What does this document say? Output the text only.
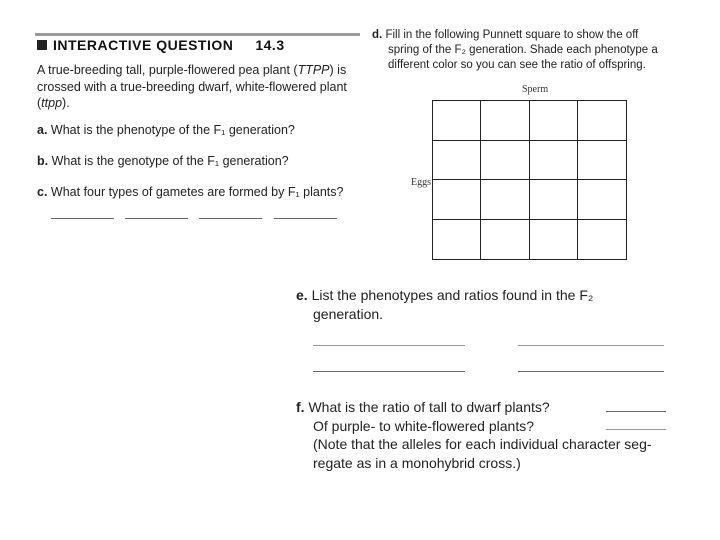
INTERACTIVE QUESTION 14.3
A true-breeding tall, purple-flowered pea plant (TTPP) is
crossed with a true-breeding dwarf, white-flowered plant
(ttpp).
a. What is the phenotype of the F₁ generation?
b. What is the genotype of the F₁ generation?
c. What four types of gametes are formed by F₁ plants?
d. Fill in the following Punnett square to show the off
spring of the F₂ generation. Shade each phenotype a
different color so you can see the ratio of offspring.
Sperm
Eggs
e. List the phenotypes and ratios found in the F₂
generation.
f. What is the ratio of tall to dwarf plants?
Of purple- to white-flowered plants?
(Note that the alleles for each individual character seg-
regate as in a monohybrid cross.)
